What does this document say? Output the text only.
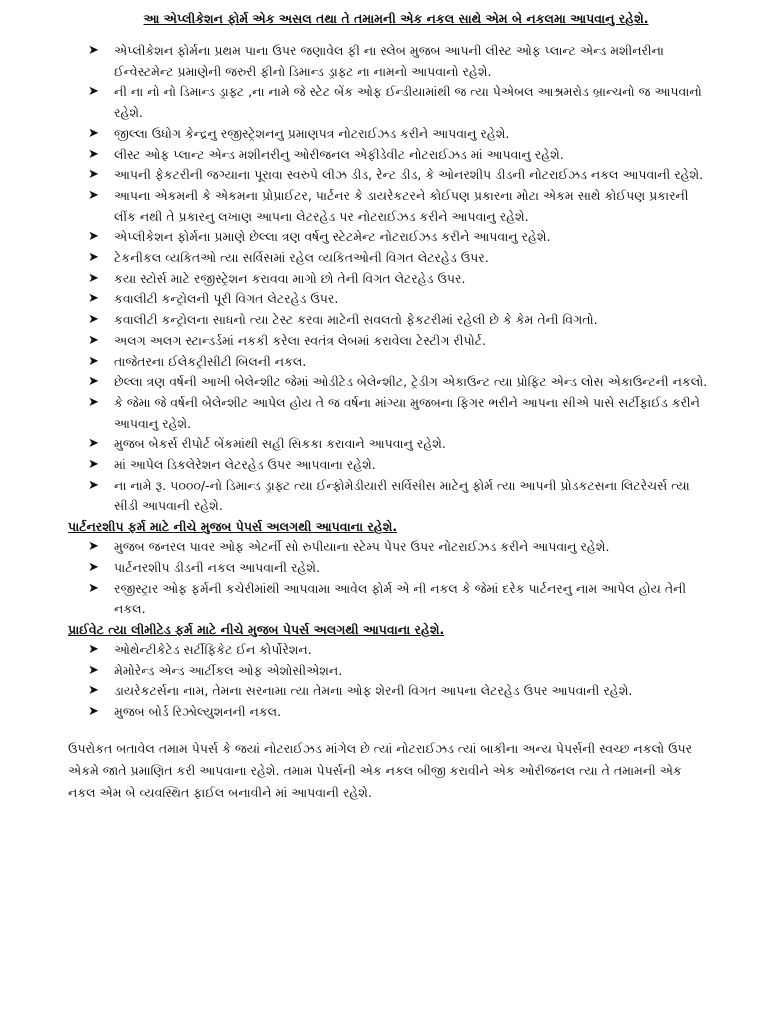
આ એપ્લીકેશન ફોર્મ એક અસલ તથા તે તમામની એક નકલ સાથે એમ બે નકલમા આપવાનુ રહેશે.

➤ એપ્લીકેશન ફોર્મના પ્રથમ પાના ઉપર જણાવેલ ફી ના સ્લેબ મુજબ આપની લીસ્ટ ઓફ પ્લાન્ટ એન્ડ મશીનરીના ઈન્વેસ્ટમેન્ટ પ્રમાણેની જરુરી ફીનો ડિમાન્ડ ડ્રાફ્ટ ના નામનો આપવાનો રહેશે.
➤ ની ના નો નો ડિમાન્ડ ડ્રાફ્ટ ,ના નામે જે સ્ટેટ બેંક ઓફ ઈન્ડીયામાંથી જ ત્યા પેએબલ આશ્રમરોડ બ્રાન્ચનો જ આપવાનો રહેશે.
➤ જીલ્લા ઉધોગ કેન્દ્રનુ રજીસ્ટ્રેશનનુ પ્રમાણપત્ર નોટરાઈઝડ કરીને આપવાનુ રહેશે.
➤ લીસ્ટ ઓફ પ્લાન્ટ એન્ડ મશીનરીનુ ઓરીજનલ એફીડેવીટ નોટરાઈઝડ માં આપવાનુ રહેશે.
➤ આપની ફેકટરીની જગ્યાના પૂરાવા સ્વરુપે લીઝ ડીડ, રેન્ટ ડીડ, કે ઓનરશીપ ડીડની નોટરાઈઝડ નકલ આપવાની રહેશે.
➤ આપના એકમની કે એકમના પ્રોપ્રાઈટર, પાર્ટનર કે ડાયરેકટરને કોઈપણ પ્રકારના મોટા એકમ સાથે કોઈપણ પ્રકારની લીંક નથી તે પ્રકારનુ લખાણ આપના લેટરહેડ પર નોટરાઈઝડ કરીને આપવાનુ રહેશે.
➤ એપ્લીકેશન ફોર્મના પ્રમાણે છેલ્લા ત્રણ વર્ષનુ સ્ટેટમેન્ટ નોટરાઈઝડ કરીને આપવાનુ રહેશે.
➤ ટેકનીકલ વ્યકિતઓ ત્યા સર્વિસમાં રહેલ વ્યકિતઓની વિગત લેટરહેડ ઉપર.
➤ કયા સ્ટોર્સ માટે રજીસ્ટ્રેશન કરાવવા માગો છો તેની વિગત લેટરહેડ ઉપર.
➤ કવાલીટી કન્ટ્રોલની પૂરી વિગત લેટરહેડ ઉપર.
➤ કવાલીટી કન્ટ્રોલના સાધનો ત્યા ટેસ્ટ કરવા માટેની સવલતો ફેકટરીમાં રહેલી છે કે કેમ તેની વિગતો.
➤ અલગ અલગ સ્ટાન્ડર્ડમાં નકકી કરેલા સ્વતંત્ર લેબમાં કરાવેલા ટેસ્ટીગ રીપોર્ટ.
➤ તાજેતરના ઈલેકટ્રીસીટી બિલની નકલ.
➤ છેલ્લા ત્રણ વર્ષની આખી બેલેન્શીટ જેમાં ઓડીટેડ બેલેન્શીટ, ટ્રેડીગ એકાઉન્ટ ત્યા પ્રોફિટ એન્ડ લોસ એકાઉન્ટની નકલો.
➤ કે જેમા જે વર્ષની બેલેન્શીટ આપેલ હોય તે જ વર્ષના માંગ્યા મુજબના ફિગર ભરીને આપના સીએ પાસે સર્ટીફાઈડ કરીને આપવાનુ રહેશે.
➤ મુજબ બેકર્સ રીપોર્ટ બેંકમાંથી સહી સિકકા કરાવાને આપવાનુ રહેશે.
➤ માં આપેલ ડિકલેરેશન લેટરહેડ ઉપર આપવાના રહેશે.
➤ ના નામે રૂ. ૫૦૦૦/-નો ડિમાન્ડ ડ્રાફ્ટ ત્યા ઈન્ફોમેડીયારી સર્વિસીસ માટેનુ ફોર્મ ત્યા આપની પ્રોડકટસના લિટરેચર્સ ત્યા સીડી આપવાની રહેશે.

પાર્ટનરશીપ ફર્મ માટે નીચે મુજબ પેપર્સ અલગથી આપવાના રહેશે.

➤ મુજબ જનરલ પાવર ઓફ એટર્ની સો રુપીયાના સ્ટેમ્પ પેપર ઉપર નોટરાઈઝડ કરીને આપવાનુ રહેશે.
➤ પાર્ટનરશીપ ડીડની નકલ આપવાની રહેશે.
➤ રજીસ્ટ્રાર ઓફ ફર્મની કચેરીમાંથી આપવામા આવેલ ફોર્મ એ ની નકલ કે જેમાં દરેક પાર્ટનરનુ નામ આપેલ હોય તેની નકલ.

પ્રાઈવેટ ત્યા લીમીટેડ ફર્મ માટે નીચે મુજબ પેપર્સ અલગથી આપવાના રહેશે.

➤ ઓથેન્ટીકેટેડ સર્ટીફિકેટ ઈન કોર્પોરેશન.
➤ મેમોરેન્ડ એન્ડ આર્ટીકલ ઓફ એશોસીએશન.
➤ ડાયરેકટર્સના નામ, તેમના સરનામા ત્યા તેમના ઓફ શેરની વિગત આપના લેટરહેડ ઉપર આપવાની રહેશે.
➤ મુજબ બોર્ડ રિઝોલ્યુશનની નકલ.

ઉપરોકત બતાવેલ તમામ પેપર્સ કે જયાં નોટરાઈઝડ માંગેલ છે ત્યાં નોટરાઈઝડ ત્યાં બાકીના અન્ય પેપર્સની સ્વચ્છ નકલો ઉપર એકમે જાતે પ્રમાણિત કરી આપવાના રહેશે. તમામ પેપર્સની એક નકલ બીજી કરાવીને એક ઓરીજનલ ત્યા તે તમામની એક નકલ એમ બે વ્યવસ્થિત ફાઈલ બનાવીને માં આપવાની રહેશે.
